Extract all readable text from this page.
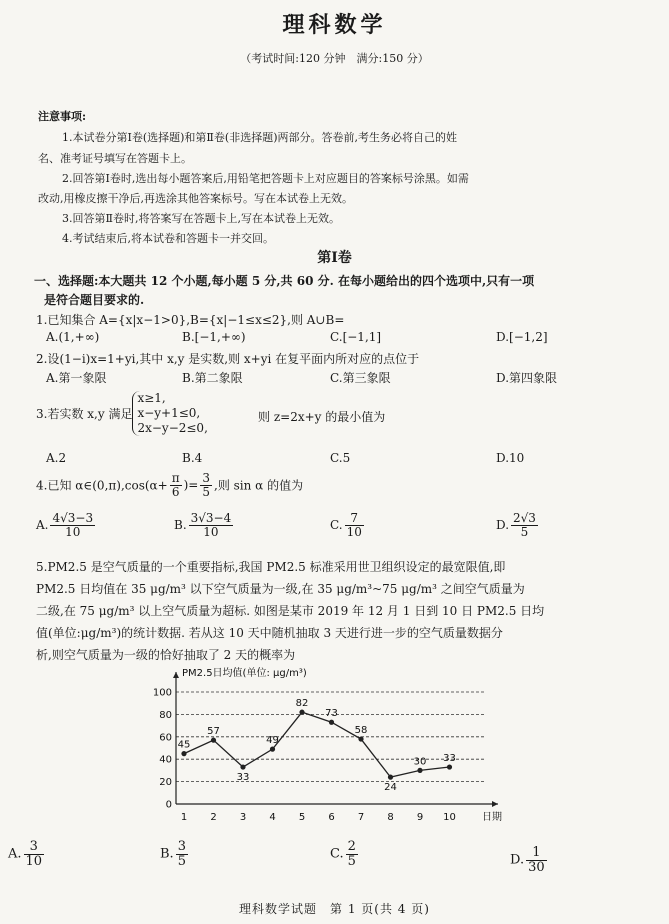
理科数学
（考试时间:120 分钟　满分:150 分）
注意事项:
1.本试卷分第Ⅰ卷(选择题)和第Ⅱ卷(非选择题)两部分。答卷前,考生务必将自己的姓
名、准考证号填写在答题卡上。
2.回答第Ⅰ卷时,选出每小题答案后,用铅笔把答题卡上对应题目的答案标号涂黑。如需
改动,用橡皮擦干净后,再选涂其他答案标号。写在本试卷上无效。
3.回答第Ⅱ卷时,将答案写在答题卡上,写在本试卷上无效。
4.考试结束后,将本试卷和答题卡一并交回。
第Ⅰ卷
一、选择题:本大题共 12 个小题,每小题 5 分,共 60 分. 在每小题给出的四个选项中,只有一项
是符合题目要求的.
1.已知集合 A={x|x−1>0},B={x|−1≤x≤2},则 A∪B=
A.(1,+∞)	B.[−1,+∞)	C.[−1,1]	D.[−1,2]
2.设(1−i)x=1+yi,其中 x,y 是实数,则 x+yi 在复平面内所对应的点位于
A.第一象限	B.第二象限	C.第三象限	D.第四象限
3.若实数 x,y 满足
x≥1,
x−y+1≤0,
2x−y−2≤0,
则 z=2x+y 的最小值为
A.2	B.4	C.5	D.10
4.已知 α∈(0,π),cos(α+ $\frac{\pi}{6}$ )= $\frac{3}{5}$ ,则 sin α 的值为
A. $\frac{4√3-3}{10}$	B. $\frac{3√3-4}{10}$	C. $\frac{7}{10}$	D. $\frac{2√3}{5}$
5.PM2.5 是空气质量的一个重要指标,我国 PM2.5 标准采用世卫组织设定的最宽限值,即
PM2.5 日均值在 35 μg/m³ 以下空气质量为一级,在 35 μg/m³~75 μg/m³ 之间空气质量为
二级,在 75 μg/m³ 以上空气质量为超标. 如图是某市 2019 年 12 月 1 日到 10 日 PM2.5 日均
值(单位:μg/m³)的统计数据. 若从这 10 天中随机抽取 3 天进行进一步的空气质量数据分
析,则空气质量为一级的恰好抽取了 2 天的概率为
0
20
40
60
80
100
PM2.5日均值(单位: μg/m³)
日期
1 2 3 4 5 6 7 8 9 10
45
57
33
49
82
73
58
24
30 33
A. $\frac{3}{10}$	B. $\frac{3}{5}$	C. $\frac{2}{5}$	D. $\frac{1}{30}$
理科数学试题　第 1 页(共 4 页)
